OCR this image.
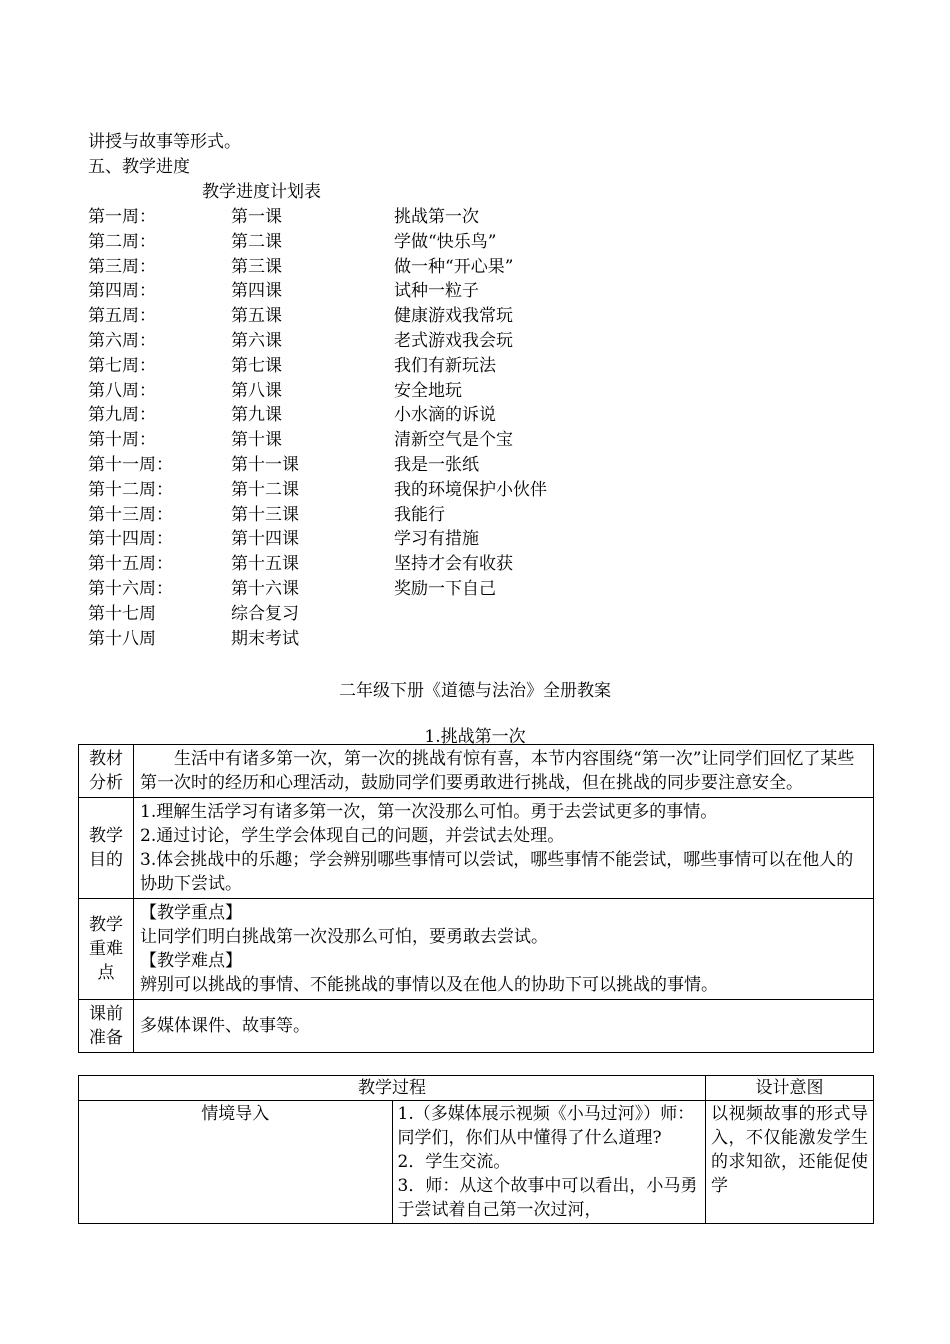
讲授与故事等形式。
五、教学进度
教学进度计划表
第一周：	第一课	挑战第一次
第二周：	第二课	学做“快乐鸟”
第三周：	第三课	做一种“开心果”
第四周：	第四课	试种一粒子
第五周：	第五课	健康游戏我常玩
第六周：	第六课	老式游戏我会玩
第七周：	第七课	我们有新玩法
第八周：	第八课	安全地玩
第九周：	第九课	小水滴的诉说
第十周：	第十课	清新空气是个宝
第十一周：	第十一课	我是一张纸
第十二周：	第十二课	我的环境保护小伙伴
第十三周：	第十三课	我能行
第十四周：	第十四课	学习有措施
第十五周：	第十五课	坚持才会有收获
第十六周：	第十六课	奖励一下自己
第十七周	综合复习
第十八周	期末考试
二年级下册《道德与法治》全册教案
1.挑战第一次
教材分析	生活中有诸多第一次，第一次的挑战有惊有喜，本节内容围绕“第一次”让同学们回忆了某些第一次时的经历和心理活动，鼓励同学们要勇敢进行挑战，但在挑战的同步要注意安全。
教学目的	1.理解生活学习有诸多第一次，第一次没那么可怕。勇于去尝试更多的事情。
2.通过讨论，学生学会体现自己的问题，并尝试去处理。
3.体会挑战中的乐趣；学会辨别哪些事情可以尝试，哪些事情不能尝试，哪些事情可以在他人的协助下尝试。

教学重难点	【教学重点】
让同学们明白挑战第一次没那么可怕，要勇敢去尝试。
【教学难点】
辨别可以挑战的事情、不能挑战的事情以及在他人的协助下可以挑战的事情。

课前准备	多媒体课件、故事等。
教学过程		设计意图
情境导入	1.（多媒体展示视频《小马过河》）师：同学们，你们从中懂得了什么道理?
2．学生交流。
3．师：从这个故事中可以看出，小马勇于尝试着自己第一次过河，	以视频故事的形式导入，不仅能激发学生的求知欲，还能促使学
